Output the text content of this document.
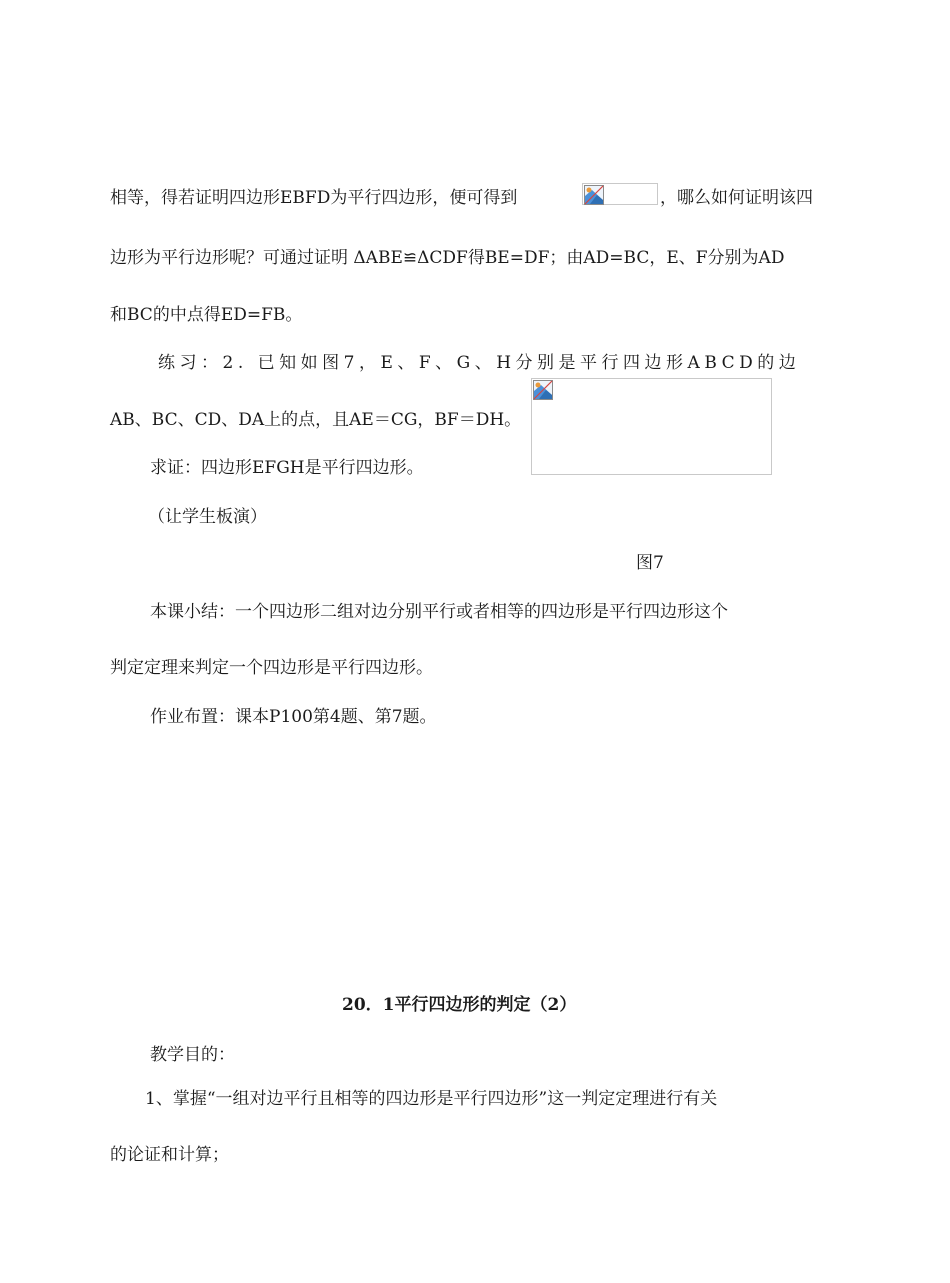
相等，得若证明四边形EBFD为平行四边形，便可得到	，哪么如何证明该四
边形为平行边形呢？可通过证明 ΔABE≌ΔCDF得BE=DF；由AD=BC，E、F分别为AD
和BC的中点得ED=FB。
练习：2. 已知如图7，E、F、G、H分别是平行四边形ABCD的边
AB、BC、CD、DA上的点，且AE＝CG，BF＝DH。
求证：四边形EFGH是平行四边形。
（让学生板演）
图7
本课小结：一个四边形二组对边分别平行或者相等的四边形是平行四边形这个
判定定理来判定一个四边形是平行四边形。
作业布置：课本P100第4题、第7题。
20．1平行四边形的判定（2）
教学目的：
1、掌握“一组对边平行且相等的四边形是平行四边形”这一判定定理进行有关
的论证和计算；
